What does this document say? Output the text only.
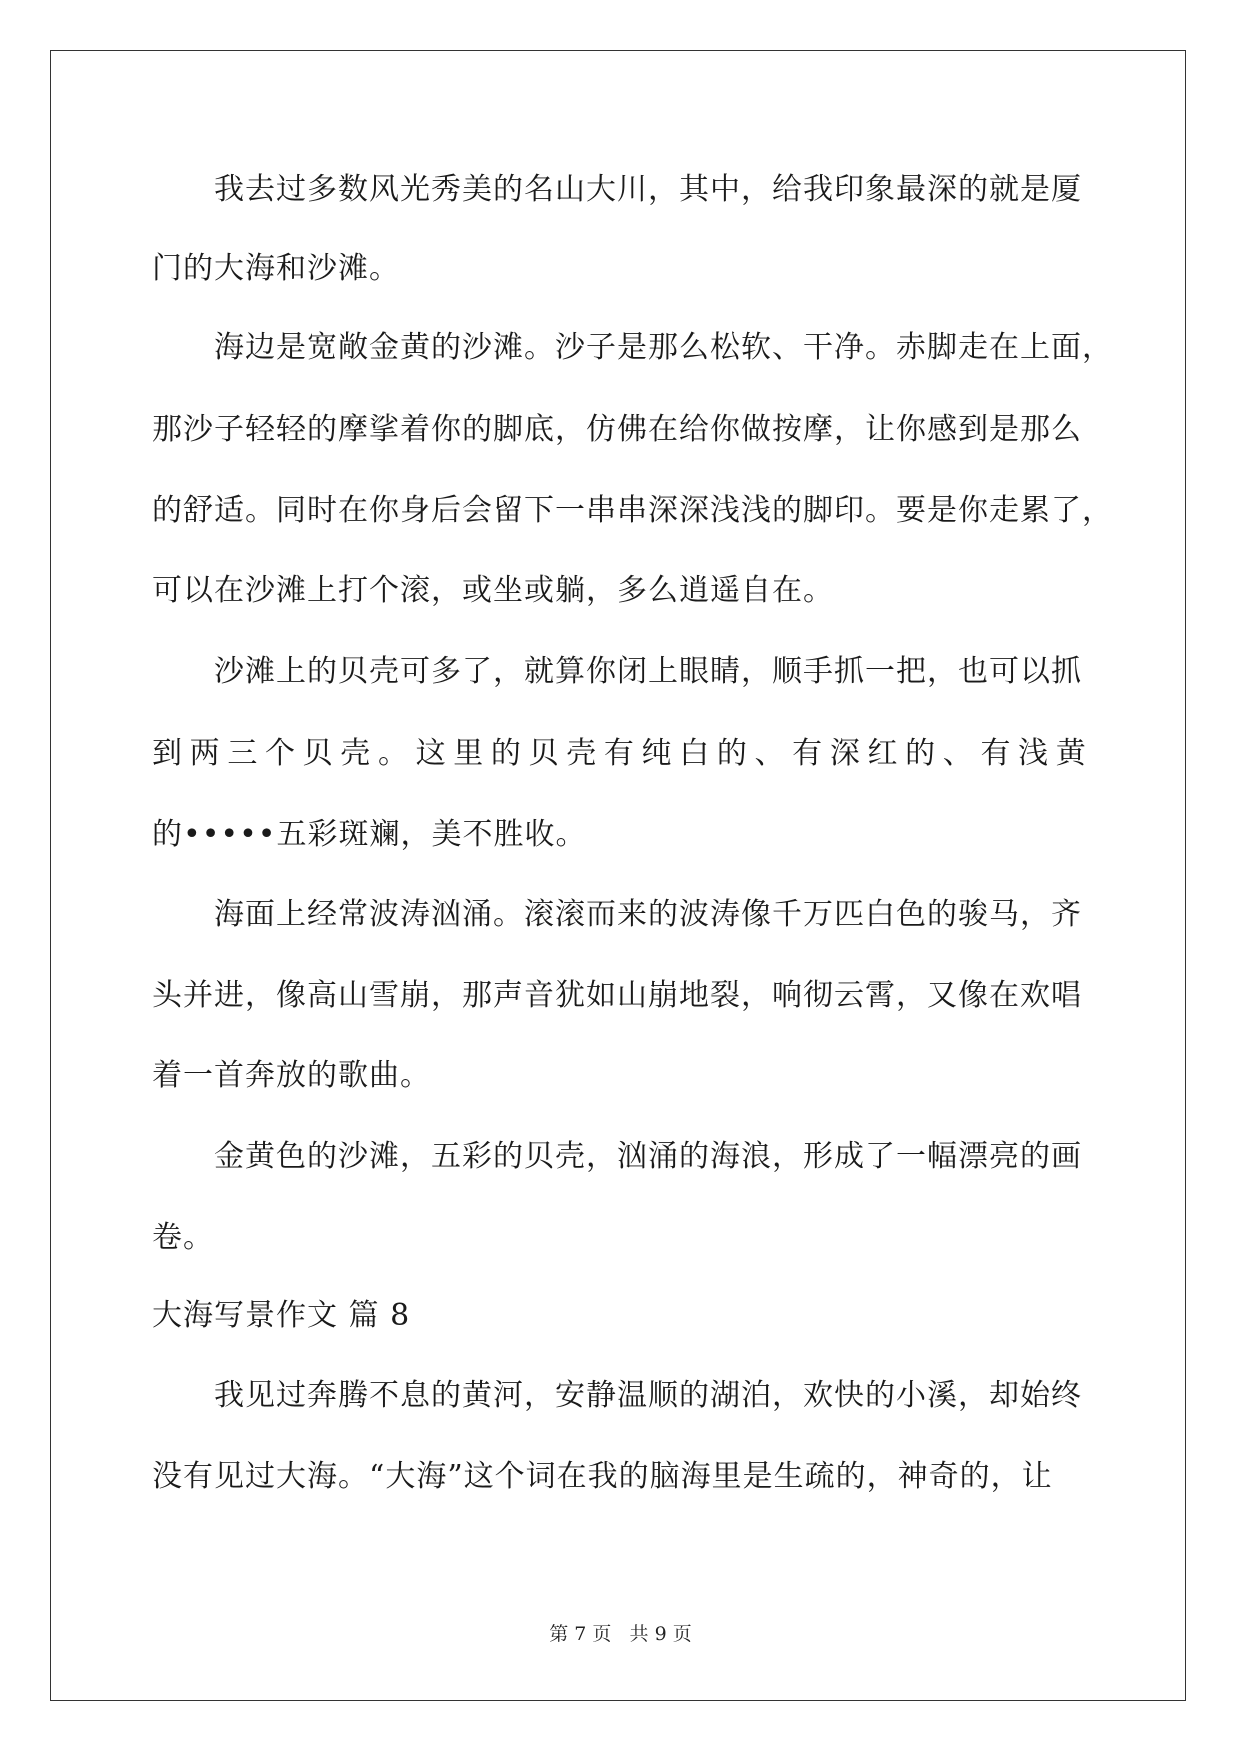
我去过多数风光秀美的名山大川，其中，给我印象最深的就是厦
门的大海和沙滩。
海边是宽敞金黄的沙滩。沙子是那么松软、干净。赤脚走在上面，
那沙子轻轻的摩挲着你的脚底，仿佛在给你做按摩，让你感到是那么
的舒适。同时在你身后会留下一串串深深浅浅的脚印。要是你走累了，
可以在沙滩上打个滚，或坐或躺，多么逍遥自在。
沙滩上的贝壳可多了，就算你闭上眼睛，顺手抓一把，也可以抓
到 两 三 个 贝 壳 。 这 里 的 贝 壳 有 纯 白 的 、 有 深 红 的 、 有 浅 黄
的•••••五彩斑斓，美不胜收。
海面上经常波涛汹涌。滚滚而来的波涛像千万匹白色的骏马，齐
头并进，像高山雪崩，那声音犹如山崩地裂，响彻云霄，又像在欢唱
着一首奔放的歌曲。
金黄色的沙滩，五彩的贝壳，汹涌的海浪，形成了一幅漂亮的画
卷。
大海写景作文 篇 8
我见过奔腾不息的黄河，安静温顺的湖泊，欢快的小溪，却始终
没有见过大海。“大海”这个词在我的脑海里是生疏的，神奇的，让
第 7 页   共 9 页
